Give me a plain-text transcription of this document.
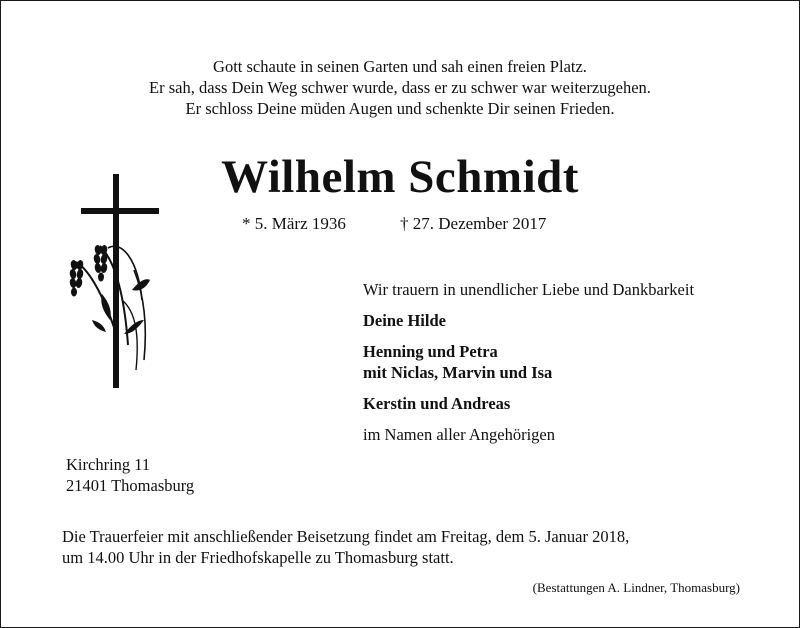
Gott schaute in seinen Garten und sah einen freien Platz.
Er sah, dass Dein Weg schwer wurde, dass er zu schwer war weiterzugehen.
Er schloss Deine müden Augen und schenkte Dir seinen Frieden.
Wilhelm Schmidt
* 5. März 1936	† 27. Dezember 2017
Wir trauern in unendlicher Liebe und Dankbarkeit
Deine Hilde
Henning und Petra
mit Niclas, Marvin und Isa
Kerstin und Andreas
im Namen aller Angehörigen
Kirchring 11
21401 Thomasburg
Die Trauerfeier mit anschließender Beisetzung findet am Freitag, dem 5. Januar 2018,
um 14.00 Uhr in der Friedhofskapelle zu Thomasburg statt.
(Bestattungen A. Lindner, Thomasburg)
